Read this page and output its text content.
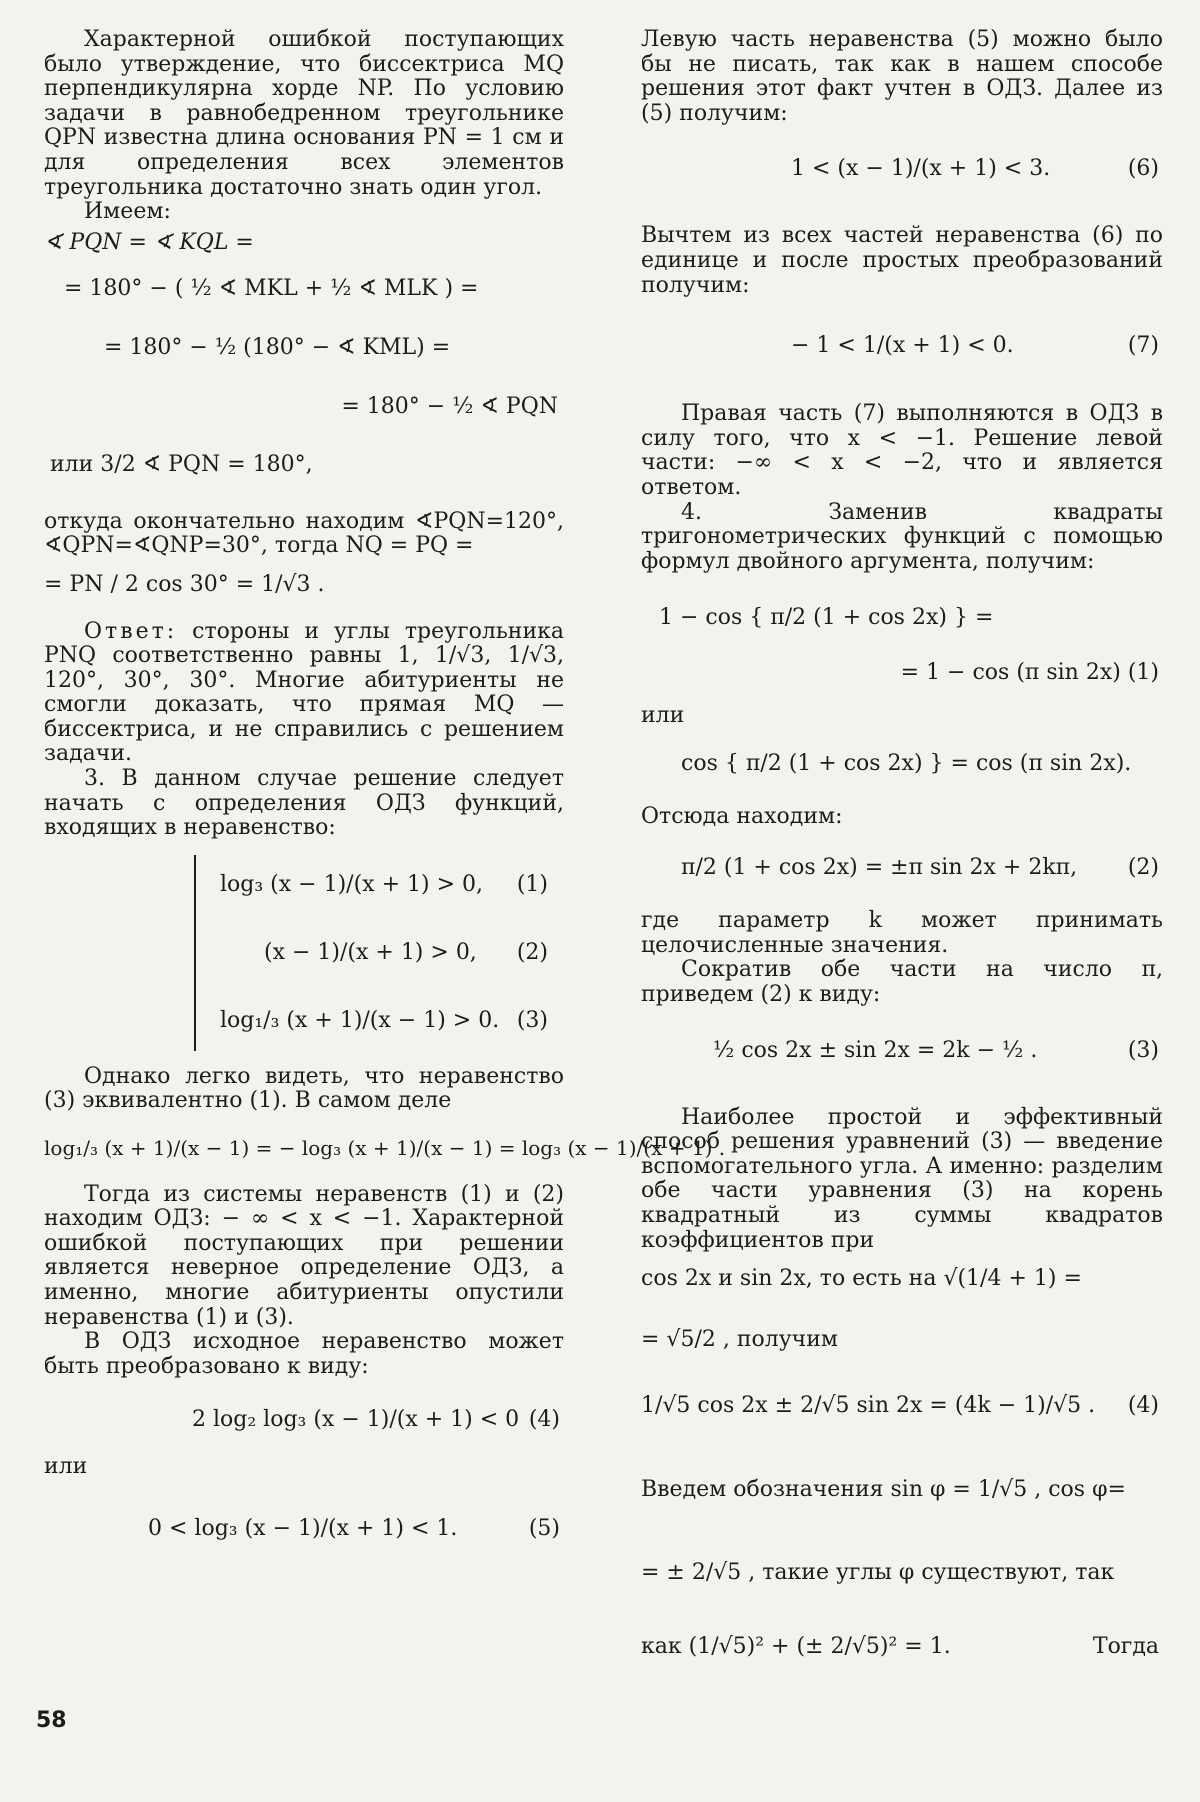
Характерной ошибкой поступающих было утверждение, что биссектриса MQ перпендикулярна хорде NP. По условию задачи в равнобедренном треугольнике QPN известна длина основания PN = 1 см и для определения всех элементов треугольника достаточно знать один угол.

Имеем:

∢ PQN = ∢ KQL =
= 180° − ( ½ ∢ MKL + ½ ∢ MLK ) =
= 180° − ½ (180° − ∢ KML) =
= 180° − ½ ∢ PQN
или 3/2 ∢ PQN = 180°,

откуда окончательно находим ∢PQN=120°, ∢QPN=∢QNP=30°, тогда NQ = PQ =

= PN / 2 cos 30° = 1/√3 .

Ответ: стороны и углы треугольника PNQ соответственно равны 1, 1/√3, 1/√3, 120°, 30°, 30°. Многие абитуриенты не смогли доказать, что прямая MQ — биссектриса, и не справились с решением задачи.

3. В данном случае решение следует начать с определения ОДЗ функций, входящих в неравенство:

log₃ (x − 1)/(x + 1) > 0, (1)
(x − 1)/(x + 1) > 0, (2)
log₁/₃ (x + 1)/(x − 1) > 0. (3)

Однако легко видеть, что неравенство (3) эквивалентно (1). В самом деле

log₁/₃ (x + 1)/(x − 1) = − log₃ (x + 1)/(x − 1) = log₃ (x − 1)/(x + 1) .

Тогда из системы неравенств (1) и (2) находим ОДЗ: − ∞ < x < −1. Характерной ошибкой поступающих при решении является неверное определение ОДЗ, а именно, многие абитуриенты опустили неравенства (1) и (3).

В ОДЗ исходное неравенство может быть преобразовано к виду:

2 log₂ log₃ (x − 1)/(x + 1) < 0 (4)

или

0 < log₃ (x − 1)/(x + 1) < 1.	(5)

Левую часть неравенства (5) можно было бы не писать, так как в нашем способе решения этот факт учтен в ОДЗ. Далее из (5) получим:

1 < (x − 1)/(x + 1) < 3.	(6)

Вычтем из всех частей неравенства (6) по единице и после простых преобразований получим:

− 1 < 1/(x + 1) < 0.	(7)

Правая часть (7) выполняются в ОДЗ в силу того, что x < −1. Решение левой части: −∞ < x < −2, что и является ответом.

4. Заменив квадраты тригонометрических функций с помощью формул двойного аргумента, получим:

1 − cos { π/2 (1 + cos 2x) } =
= 1 − cos (π sin 2x) (1)

или

cos { π/2 (1 + cos 2x) } = cos (π sin 2x).

Отсюда находим:

π/2 (1 + cos 2x) = ±π sin 2x + 2kπ, (2)

где параметр k может принимать целочисленные значения.

Сократив обе части на число π, приведем (2) к виду:

½ cos 2x ± sin 2x = 2k − ½ .	(3)

Наиболее простой и эффективный способ решения уравнений (3) — введение вспомогательного угла. А именно: разделим обе части уравнения (3) на корень квадратный из суммы квадратов коэффициентов при

cos 2x и sin 2x, то есть на √(1/4 + 1) =

= √5/2 , получим

1/√5 cos 2x ± 2/√5 sin 2x = (4k − 1)/√5 . (4)

Введем обозначения sin φ = 1/√5 , cos φ=

= ± 2/√5 , такие углы φ существуют, так

как (1/√5)² + (± 2/√5)² = 1.	Тогда
58
